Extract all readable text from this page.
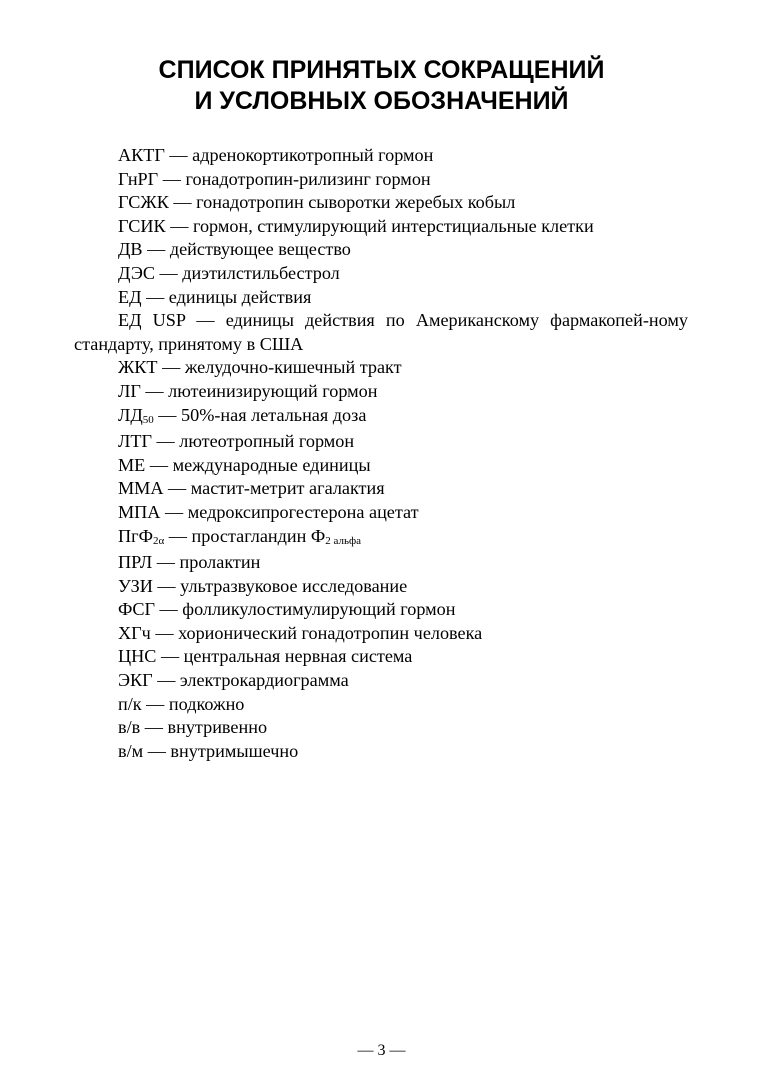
СПИСОК ПРИНЯТЫХ СОКРАЩЕНИЙ
И УСЛОВНЫХ ОБОЗНАЧЕНИЙ
АКТГ — адренокортикотропный гормон
ГнРГ — гонадотропин-рилизинг гормон
ГСЖК — гонадотропин сыворотки жеребых кобыл
ГСИК — гормон, стимулирующий интерстициальные клетки
ДВ — действующее вещество
ДЭС — диэтилстильбестрол
ЕД — единицы действия
ЕД USP — единицы действия по Американскому фармакопей-ному стандарту, принятому в США
ЖКТ — желудочно-кишечный тракт
ЛГ — лютеинизирующий гормон
$ЛД_{50}$ — 50%-ная летальная доза
ЛТГ — лютеотропный гормон
МЕ — международные единицы
ММА — мастит-метрит агалактия
МПА — медроксипрогестерона ацетат
ПгФ$_{2\alpha}$ — простагландин $Ф_{2 альфа}$
ПРЛ — пролактин
УЗИ — ультразвуковое исследование
ФСГ — фолликулостимулирующий гормон
ХГч — хорионический гонадотропин человека
ЦНС — центральная нервная система
ЭКГ — электрокардиограмма
п/к — подкожно
в/в — внутривенно
в/м — внутримышечно
— 3 —
